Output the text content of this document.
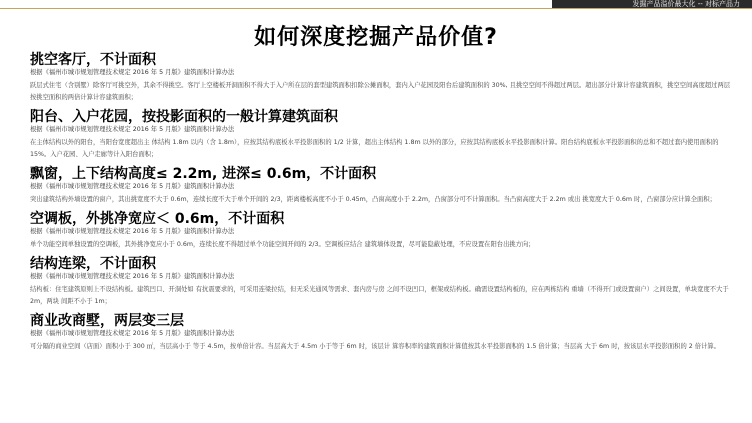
发掘产品溢价最大化 -- 对标产品力
如何深度挖掘产品价值?
挑空客厅，不计面积
根据《福州市城市规划管理技术规定 2016 年 5 月版》建筑面积计算办法
跃层式住宅（含别墅）除客厅可挑空外，其余不得挑空。客厅上空楼板开洞面积不得大于入户所在层的套型建筑面积扣除公摊面积，套内入户花园及阳台后建筑面积的 30%, 且挑空空间不得超过两层。超出部分计算计容建筑面积，挑空空间高度超过两层按挑空面积的两倍计算计容建筑面积；
阳台、入户花园，按投影面积的一般计算建筑面积
根据《福州市城市规划管理技术规定 2016 年 5 月版》建筑面积计算办法
在主体结构以外的阳台，当阳台宽度超出主 体结构 1.8m 以内（含 1.8m），应按其结构底板水平投影面积的 1/2 计算，超出主体结构 1.8m 以外的部分，应按其结构底板水平投影面积计算。阳台结构底板水平投影面积的总和不超过套内使用面积的 15%。入户花园、入户走廊等计入阳台面积；
飘窗，上下结构高度≤ 2.2m, 进深≤ 0.6m，不计面积
根据《福州市城市规划管理技术规定 2016 年 5 月版》建筑面积计算办法
突出建筑结构外墙设置的窗户，其出挑宽度不大于 0.6m，连续长度不大于单个开间的 2/3，距离楼板高度不小于 0.45m，凸窗高度小于 2.2m，凸窗部分可不计算面积。当凸窗高度大于 2.2m 或出 挑宽度大于 0.6m 时，凸窗部分应计算全面积；
空调板，外挑净宽应＜ 0.6m，不计面积
根据《福州市城市规划管理技术规定 2016 年 5 月版》建筑面积计算办法
单个功能空间单独设置的空调板，其外挑净宽应小于 0.6m，连续长度不得超过单个功能空间开间的 2/3。空调板应结合 建筑墙体设置，尽可能隐蔽处理，不应设置在阳台出挑方向；
结构连梁，不计面积
根据《福州市城市规划管理技术规定 2016 年 5 月版》建筑面积计算办法
结构板：住宅建筑原则上不设结构板。建筑凹口、开洞处如 有抗震要求的，可采用连梁拉结，但无采光通风等需求、套内房与房 之间不设凹口，框架或结构板。确需设置结构板的，应在两栋结构 重墙（不得开门或设置窗户）之间设置，单块宽度不大于 2m，两块 间距不小于 1m；
商业改商墅，两层变三层
根据《福州市城市规划管理技术规定 2016 年 5 月版》建筑面积计算办法
可分隔的商业空间（店面）面积小于 300 ㎡，当层高小于 等于 4.5m，按单倍计容。当层高大于 4.5m 小于等于 6m 时，该层计 算容积率的建筑面积计算值按其水平投影面积的 1.5 倍计算；当层高 大于 6m 时，按该层水平投影面积的 2 倍计算。
